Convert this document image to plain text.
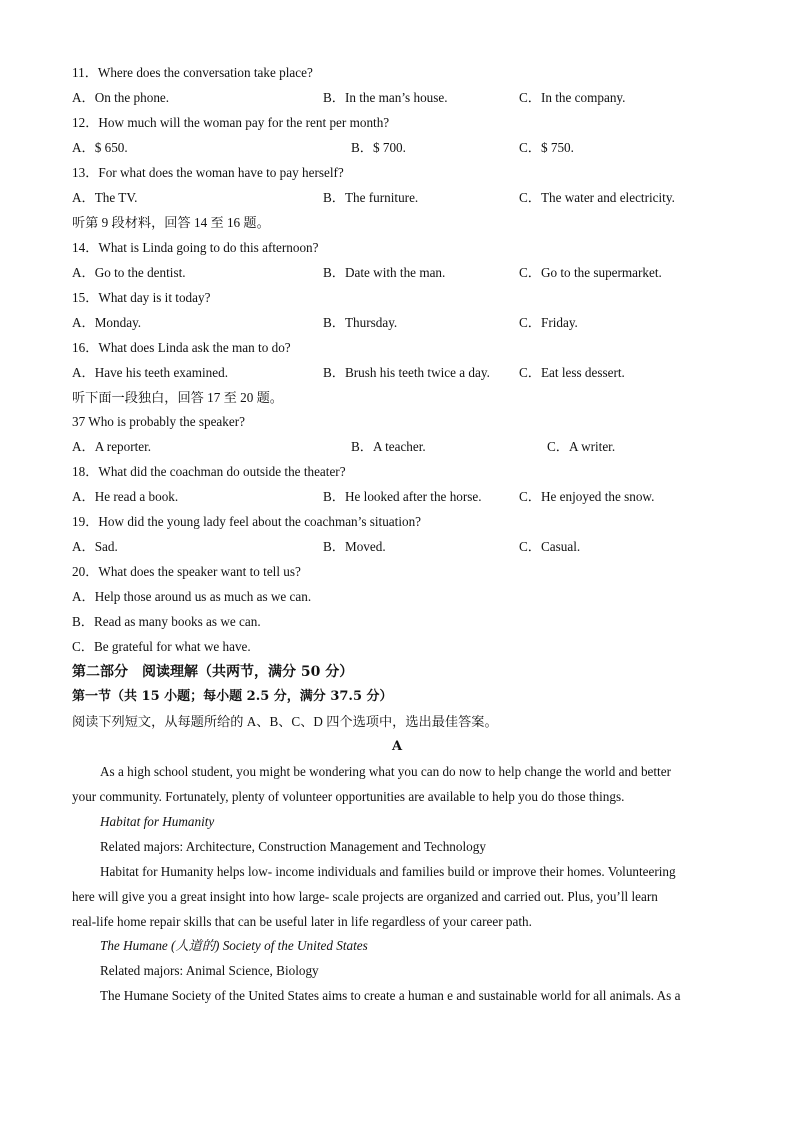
11．Where does the conversation take place?
A．On the phone.	B．In the man’s house.	C．In the company.
12．How much will the woman pay for the rent per month?
A．$ 650.	B．$ 700.	C．$ 750.
13．For what does the woman have to pay herself?
A．The TV.	B．The furniture.	C．The water and electricity.
听第 9 段材料，回答 14 至 16 题。
14．What is Linda going to do this afternoon?
A．Go to the dentist.	B．Date with the man.	C．Go to the supermarket.
15．What day is it today?
A．Monday.	B．Thursday.	C．Friday.
16．What does Linda ask the man to do?
A．Have his teeth examined.	B．Brush his teeth twice a day. C．Eat less dessert.
听下面一段独白，回答 17 至 20 题。
37 Who is probably the speaker?
A．A reporter.	B．A teacher.	C．A writer.
18．What did the coachman do outside the theater?
A．He read a book.	B．He looked after the horse.	C．He enjoyed the snow.
19．How did the young lady feel about the coachman’s situation?
A．Sad.	B．Moved.	C．Casual.
20．What does the speaker want to tell us?
A．Help those around us as much as we can.
B．Read as many books as we can.
C．Be grateful for what we have.
第二部分　阅读理解（共两节，满分 50 分）
第一节（共 15 小题；每小题 2.5 分，满分 37.5 分）
阅读下列短文，从每题所给的 A、B、C、D 四个选项中，选出最佳答案。
A
As a high school student, you might be wondering what you can do now to help change the world and better
your community. Fortunately, plenty of volunteer opportunities are available to help you do those things.
Habitat for Humanity
Related majors: Architecture, Construction Management and Technology
Habitat for Humanity helps low- income individuals and families build or improve their homes. Volunteering
here will give you a great insight into how large- scale projects are organized and carried out. Plus, you’ll learn
real-life home repair skills that can be useful later in life regardless of your career path.
The Humane (人道的) Society of the United States
Related majors: Animal Science, Biology
The Humane Society of the United States aims to create a human e and sustainable world for all animals. As a
